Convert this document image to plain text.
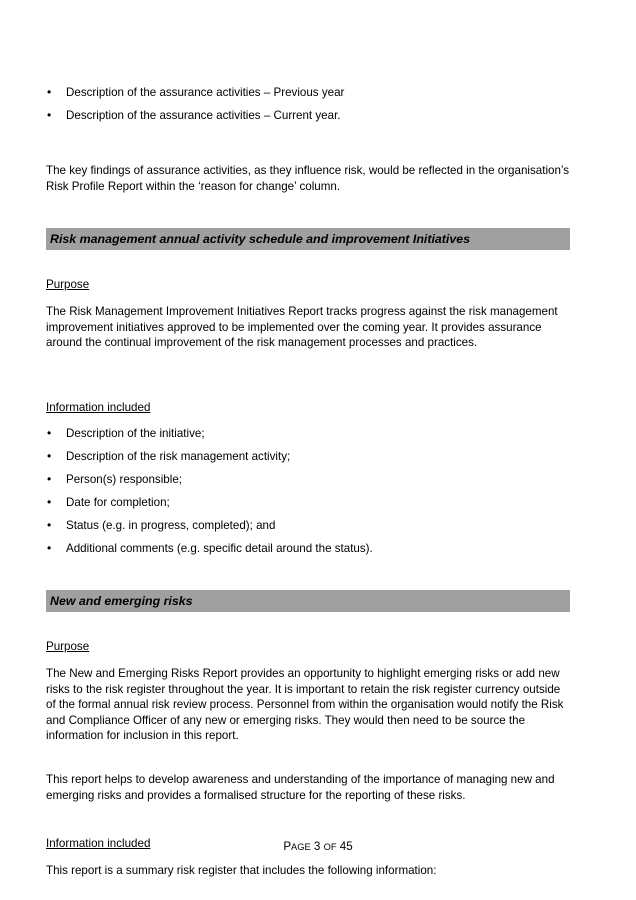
• Description of the assurance activities – Previous year
• Description of the assurance activities – Current year.

The key findings of assurance activities, as they influence risk, would be reflected in the organisation’s Risk Profile Report within the ‘reason for change’ column.

Risk management annual activity schedule and improvement Initiatives
Purpose

The Risk Management Improvement Initiatives Report tracks progress against the risk management improvement initiatives approved to be implemented over the coming year. It provides assurance around the continual improvement of the risk management processes and practices.

Information included
• Description of the initiative;
• Description of the risk management activity;
• Person(s) responsible;
• Date for completion;
• Status (e.g. in progress, completed); and
• Additional comments (e.g. specific detail around the status).
New and emerging risks
Purpose

The New and Emerging Risks Report provides an opportunity to highlight emerging risks or add new risks to the risk register throughout the year. It is important to retain the risk register currency outside of the formal annual risk review process. Personnel from within the organisation would notify the Risk and Compliance Officer of any new or emerging risks. They would then need to be source the information for inclusion in this report.

This report helps to develop awareness and understanding of the importance of managing new and emerging risks and provides a formalised structure for the reporting of these risks.

Information included

This report is a summary risk register that includes the following information:

PAGE 3 OF 45
